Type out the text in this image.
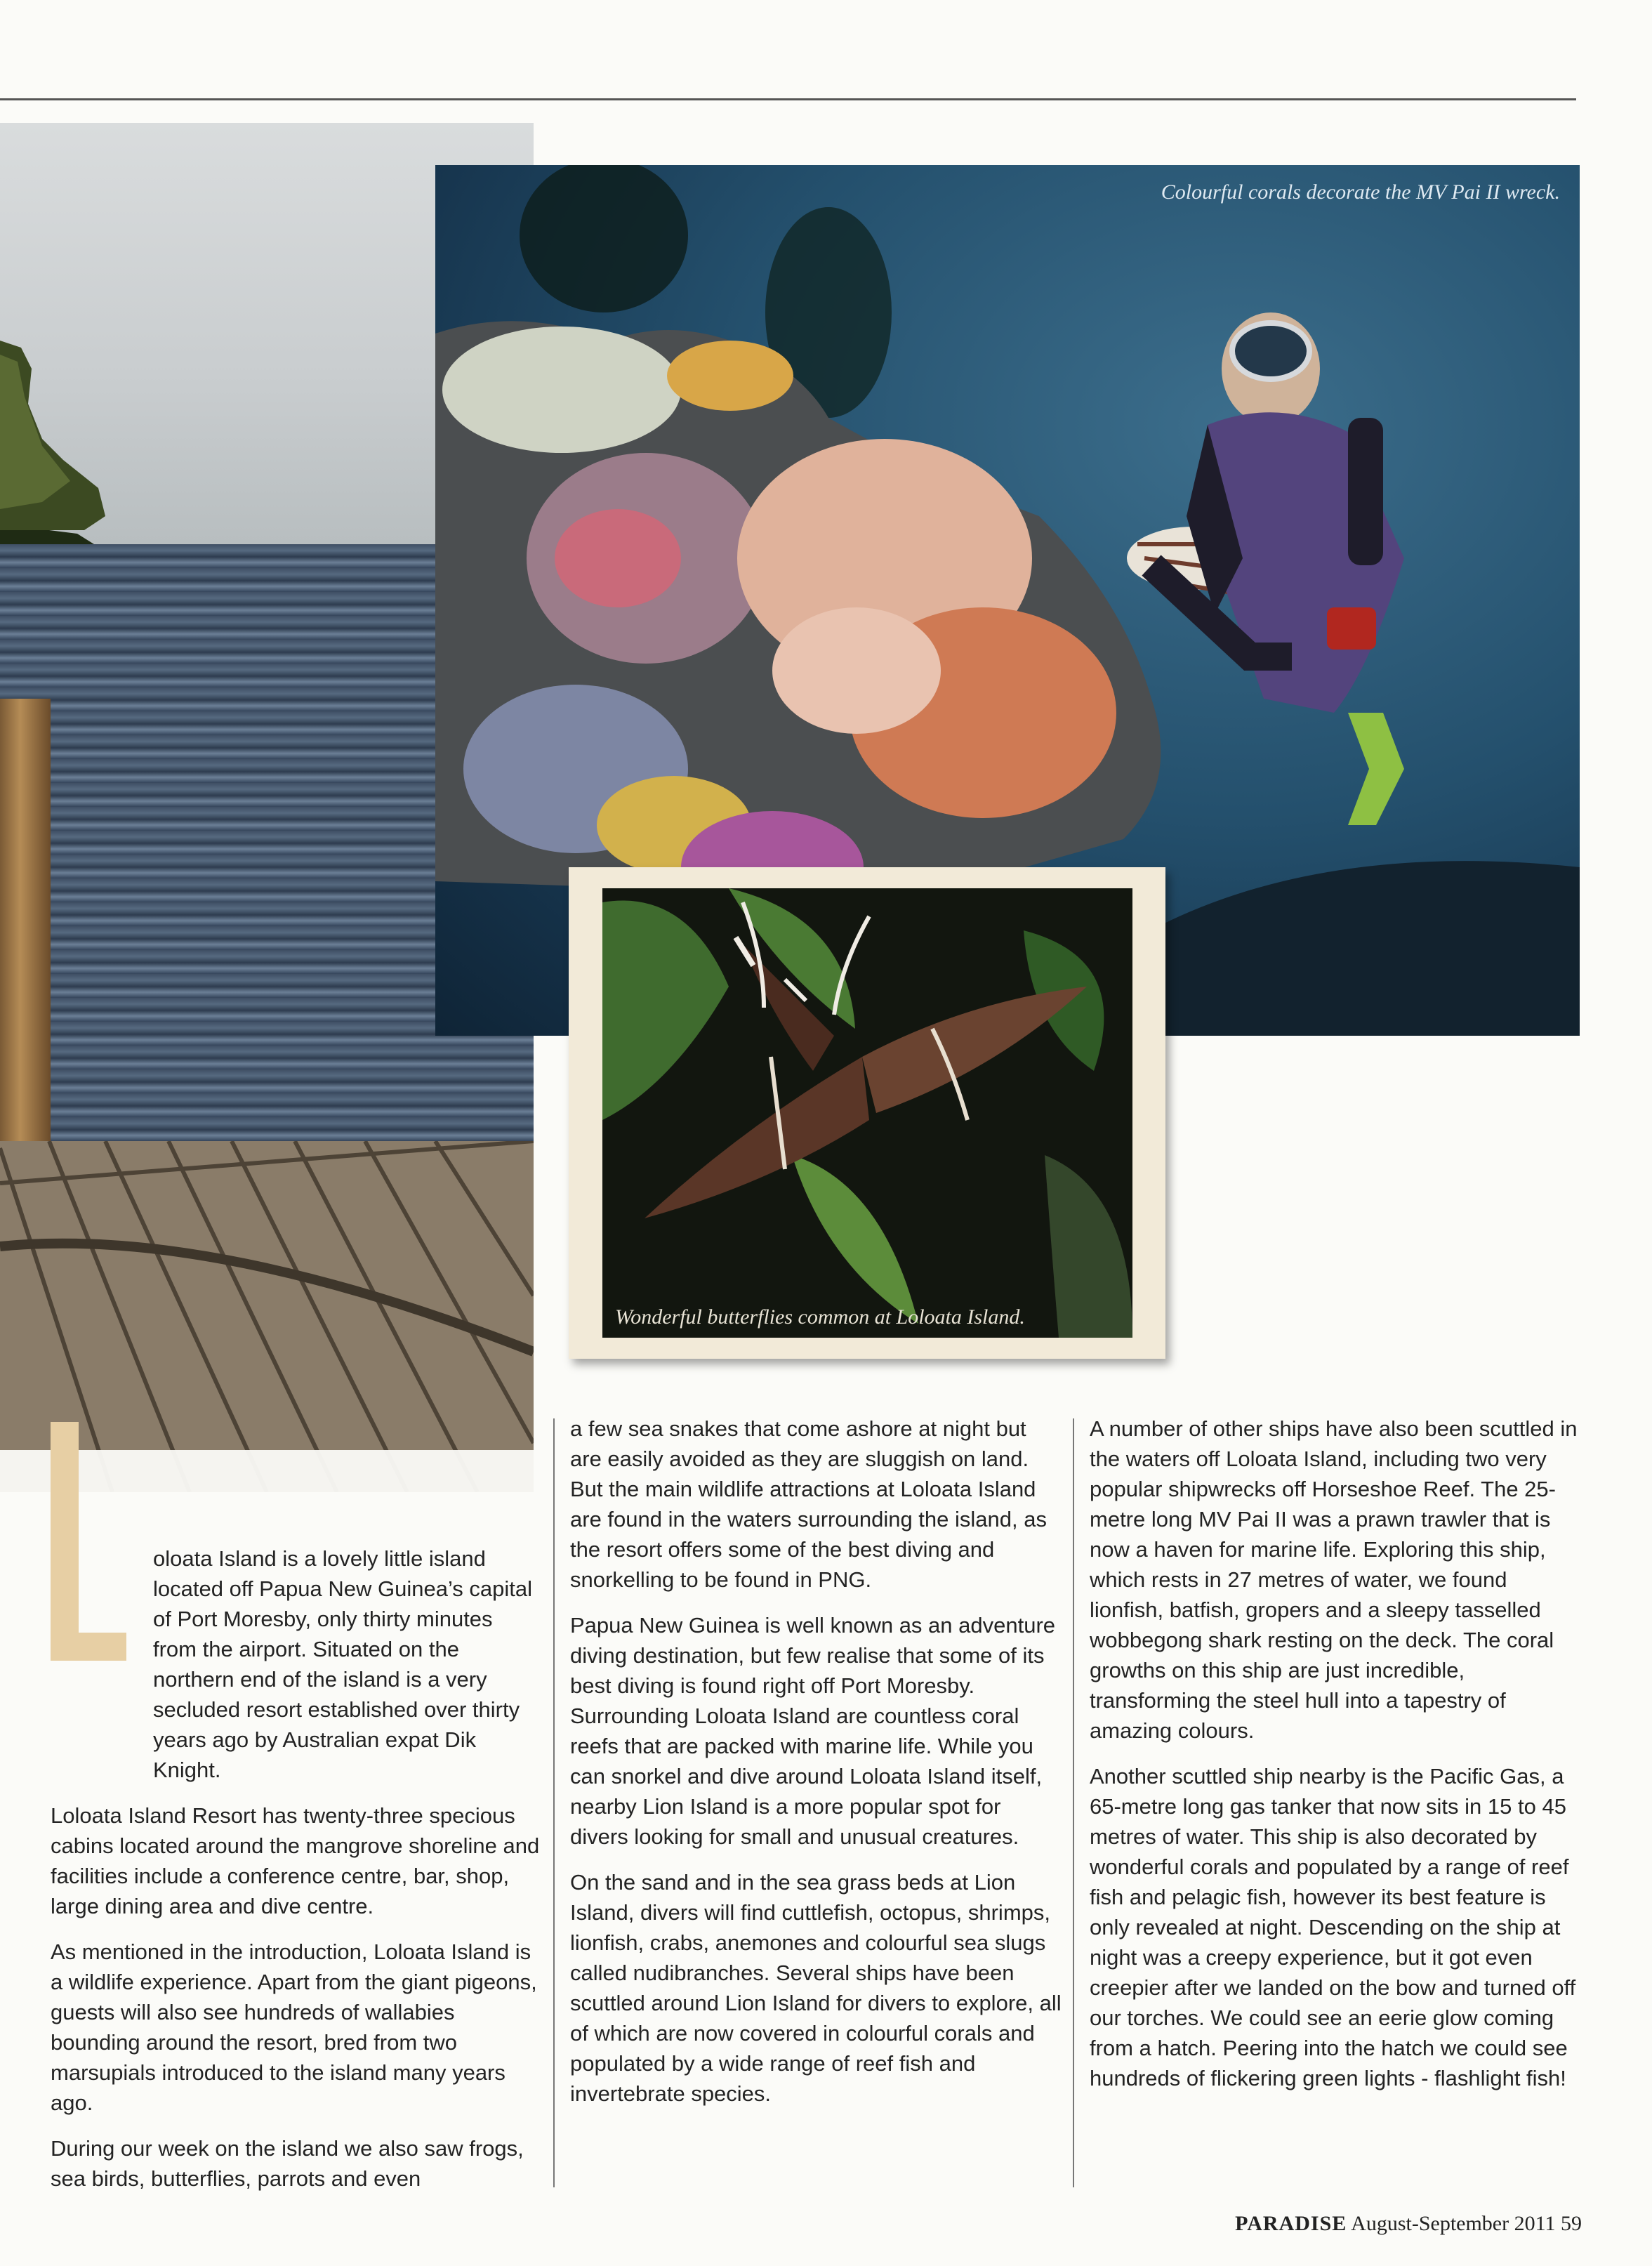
Colourful corals decorate the MV Pai II wreck.
Wonderful butterflies common at Loloata Island.

oloata Island is a lovely little island located off Papua New Guinea’s capital of Port Moresby, only thirty minutes from the airport. Situated on the northern end of the island is a very secluded resort established over thirty years ago by Australian expat Dik Knight.

Loloata Island Resort has twenty-three specious cabins located around the mangrove shoreline and facilities include a conference centre, bar, shop, large dining area and dive centre.

As mentioned in the introduction, Loloata Island is a wildlife experience. Apart from the giant pigeons, guests will also see hundreds of wallabies bounding around the resort, bred from two marsupials introduced to the island many years ago.

During our week on the island we also saw frogs, sea birds, butterflies, parrots and even

a few sea snakes that come ashore at night but are easily avoided as they are sluggish on land. But the main wildlife attractions at Loloata Island are found in the waters surrounding the island, as the resort offers some of the best diving and snorkelling to be found in PNG.

Papua New Guinea is well known as an adventure diving destination, but few realise that some of its best diving is found right off Port Moresby. Surrounding Loloata Island are countless coral reefs that are packed with marine life. While you can snorkel and dive around Loloata Island itself, nearby Lion Island is a more popular spot for divers looking for small and unusual creatures.

On the sand and in the sea grass beds at Lion Island, divers will find cuttlefish, octopus, shrimps, lionfish, crabs, anemones and colourful sea slugs called nudibranches. Several ships have been scuttled around Lion Island for divers to explore, all of which are now covered in colourful corals and populated by a wide range of reef fish and invertebrate species.

A number of other ships have also been scuttled in the waters off Loloata Island, including two very popular shipwrecks off Horseshoe Reef. The 25-metre long MV Pai II was a prawn trawler that is now a haven for marine life. Exploring this ship, which rests in 27 metres of water, we found lionfish, batfish, gropers and a sleepy tasselled wobbegong shark resting on the deck. The coral growths on this ship are just incredible, transforming the steel hull into a tapestry of amazing colours.

Another scuttled ship nearby is the Pacific Gas, a 65-metre long gas tanker that now sits in 15 to 45 metres of water. This ship is also decorated by wonderful corals and populated by a range of reef fish and pelagic fish, however its best feature is only revealed at night. Descending on the ship at night was a creepy experience, but it got even creepier after we landed on the bow and turned off our torches. We could see an eerie glow coming from a hatch. Peering into the hatch we could see hundreds of flickering green lights - flashlight fish!

PARADISE August-September 2011 59
